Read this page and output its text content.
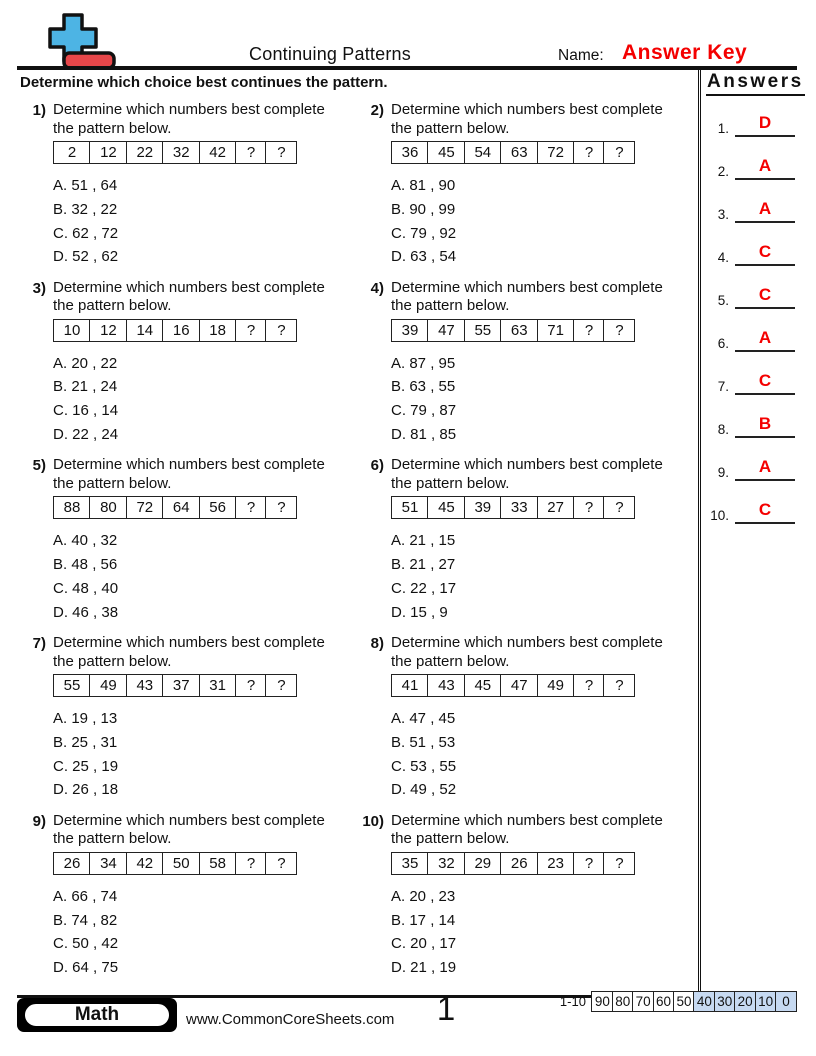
Continuing Patterns	Name: Answer Key
Determine which choice best continues the pattern.	Answers
1.	D
2.	A
3.	A
4.	C
5.	C
6.	A
7.	C
8.	B
9.	A
10.	C
1) Determine which numbers best complete the pattern below.
2	12	22	32	42	?	?
A. 51 , 64
B. 32 , 22
C. 62 , 72
D. 52 , 62
2) Determine which numbers best complete the pattern below.
36	45	54	63	72	?	?
A. 81 , 90
B. 90 , 99
C. 79 , 92
D. 63 , 54
3) Determine which numbers best complete the pattern below.
10	12	14	16	18	?	?
A. 20 , 22
B. 21 , 24
C. 16 , 14
D. 22 , 24
4) Determine which numbers best complete the pattern below.
39	47	55	63	71	?	?
A. 87 , 95
B. 63 , 55
C. 79 , 87
D. 81 , 85
5) Determine which numbers best complete the pattern below.
88	80	72	64	56	?	?
A. 40 , 32
B. 48 , 56
C. 48 , 40
D. 46 , 38
6) Determine which numbers best complete the pattern below.
51	45	39	33	27	?	?
A. 21 , 15
B. 21 , 27
C. 22 , 17
D. 15 , 9
7) Determine which numbers best complete the pattern below.
55	49	43	37	31	?	?
A. 19 , 13
B. 25 , 31
C. 25 , 19
D. 26 , 18
8) Determine which numbers best complete the pattern below.
41	43	45	47	49	?	?
A. 47 , 45
B. 51 , 53
C. 53 , 55
D. 49 , 52
9) Determine which numbers best complete the pattern below.
26	34	42	50	58	?	?
A. 66 , 74
B. 74 , 82
C. 50 , 42
D. 64 , 75
10) Determine which numbers best complete the pattern below.
35	32	29	26	23	?	?
A. 20 , 23
B. 17 , 14
C. 20 , 17
D. 21 , 19
Math	www.CommonCoreSheets.com 1	1-10 90 80 70 60 50 40 30 20 10 0
